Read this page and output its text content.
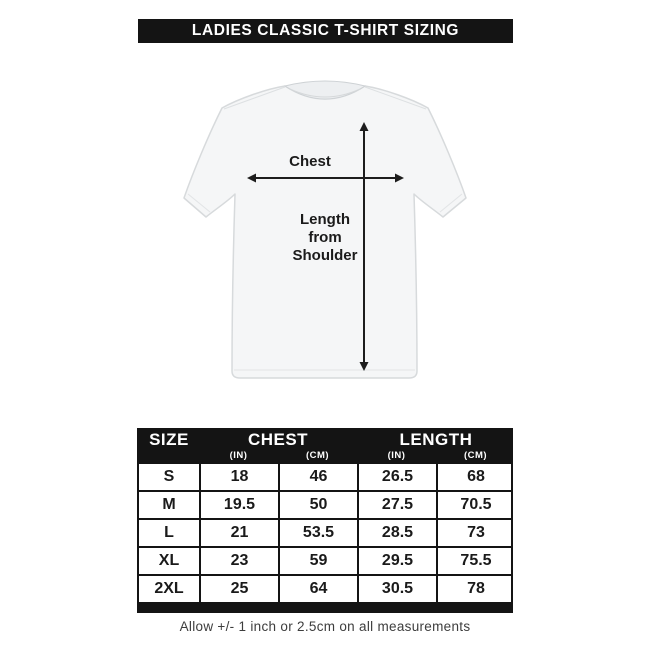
LADIES CLASSIC T-SHIRT SIZING
Chest
Length from Shoulder
SIZE	CHEST	LENGTH
(IN)	(CM)	(IN)	(CM)
S	18	46	26.5	68
M	19.5	50	27.5	70.5
L	21	53.5	28.5	73
XL	23	59	29.5	75.5
2XL	25	64	30.5	78
Allow +/- 1 inch or 2.5cm on all measurements
